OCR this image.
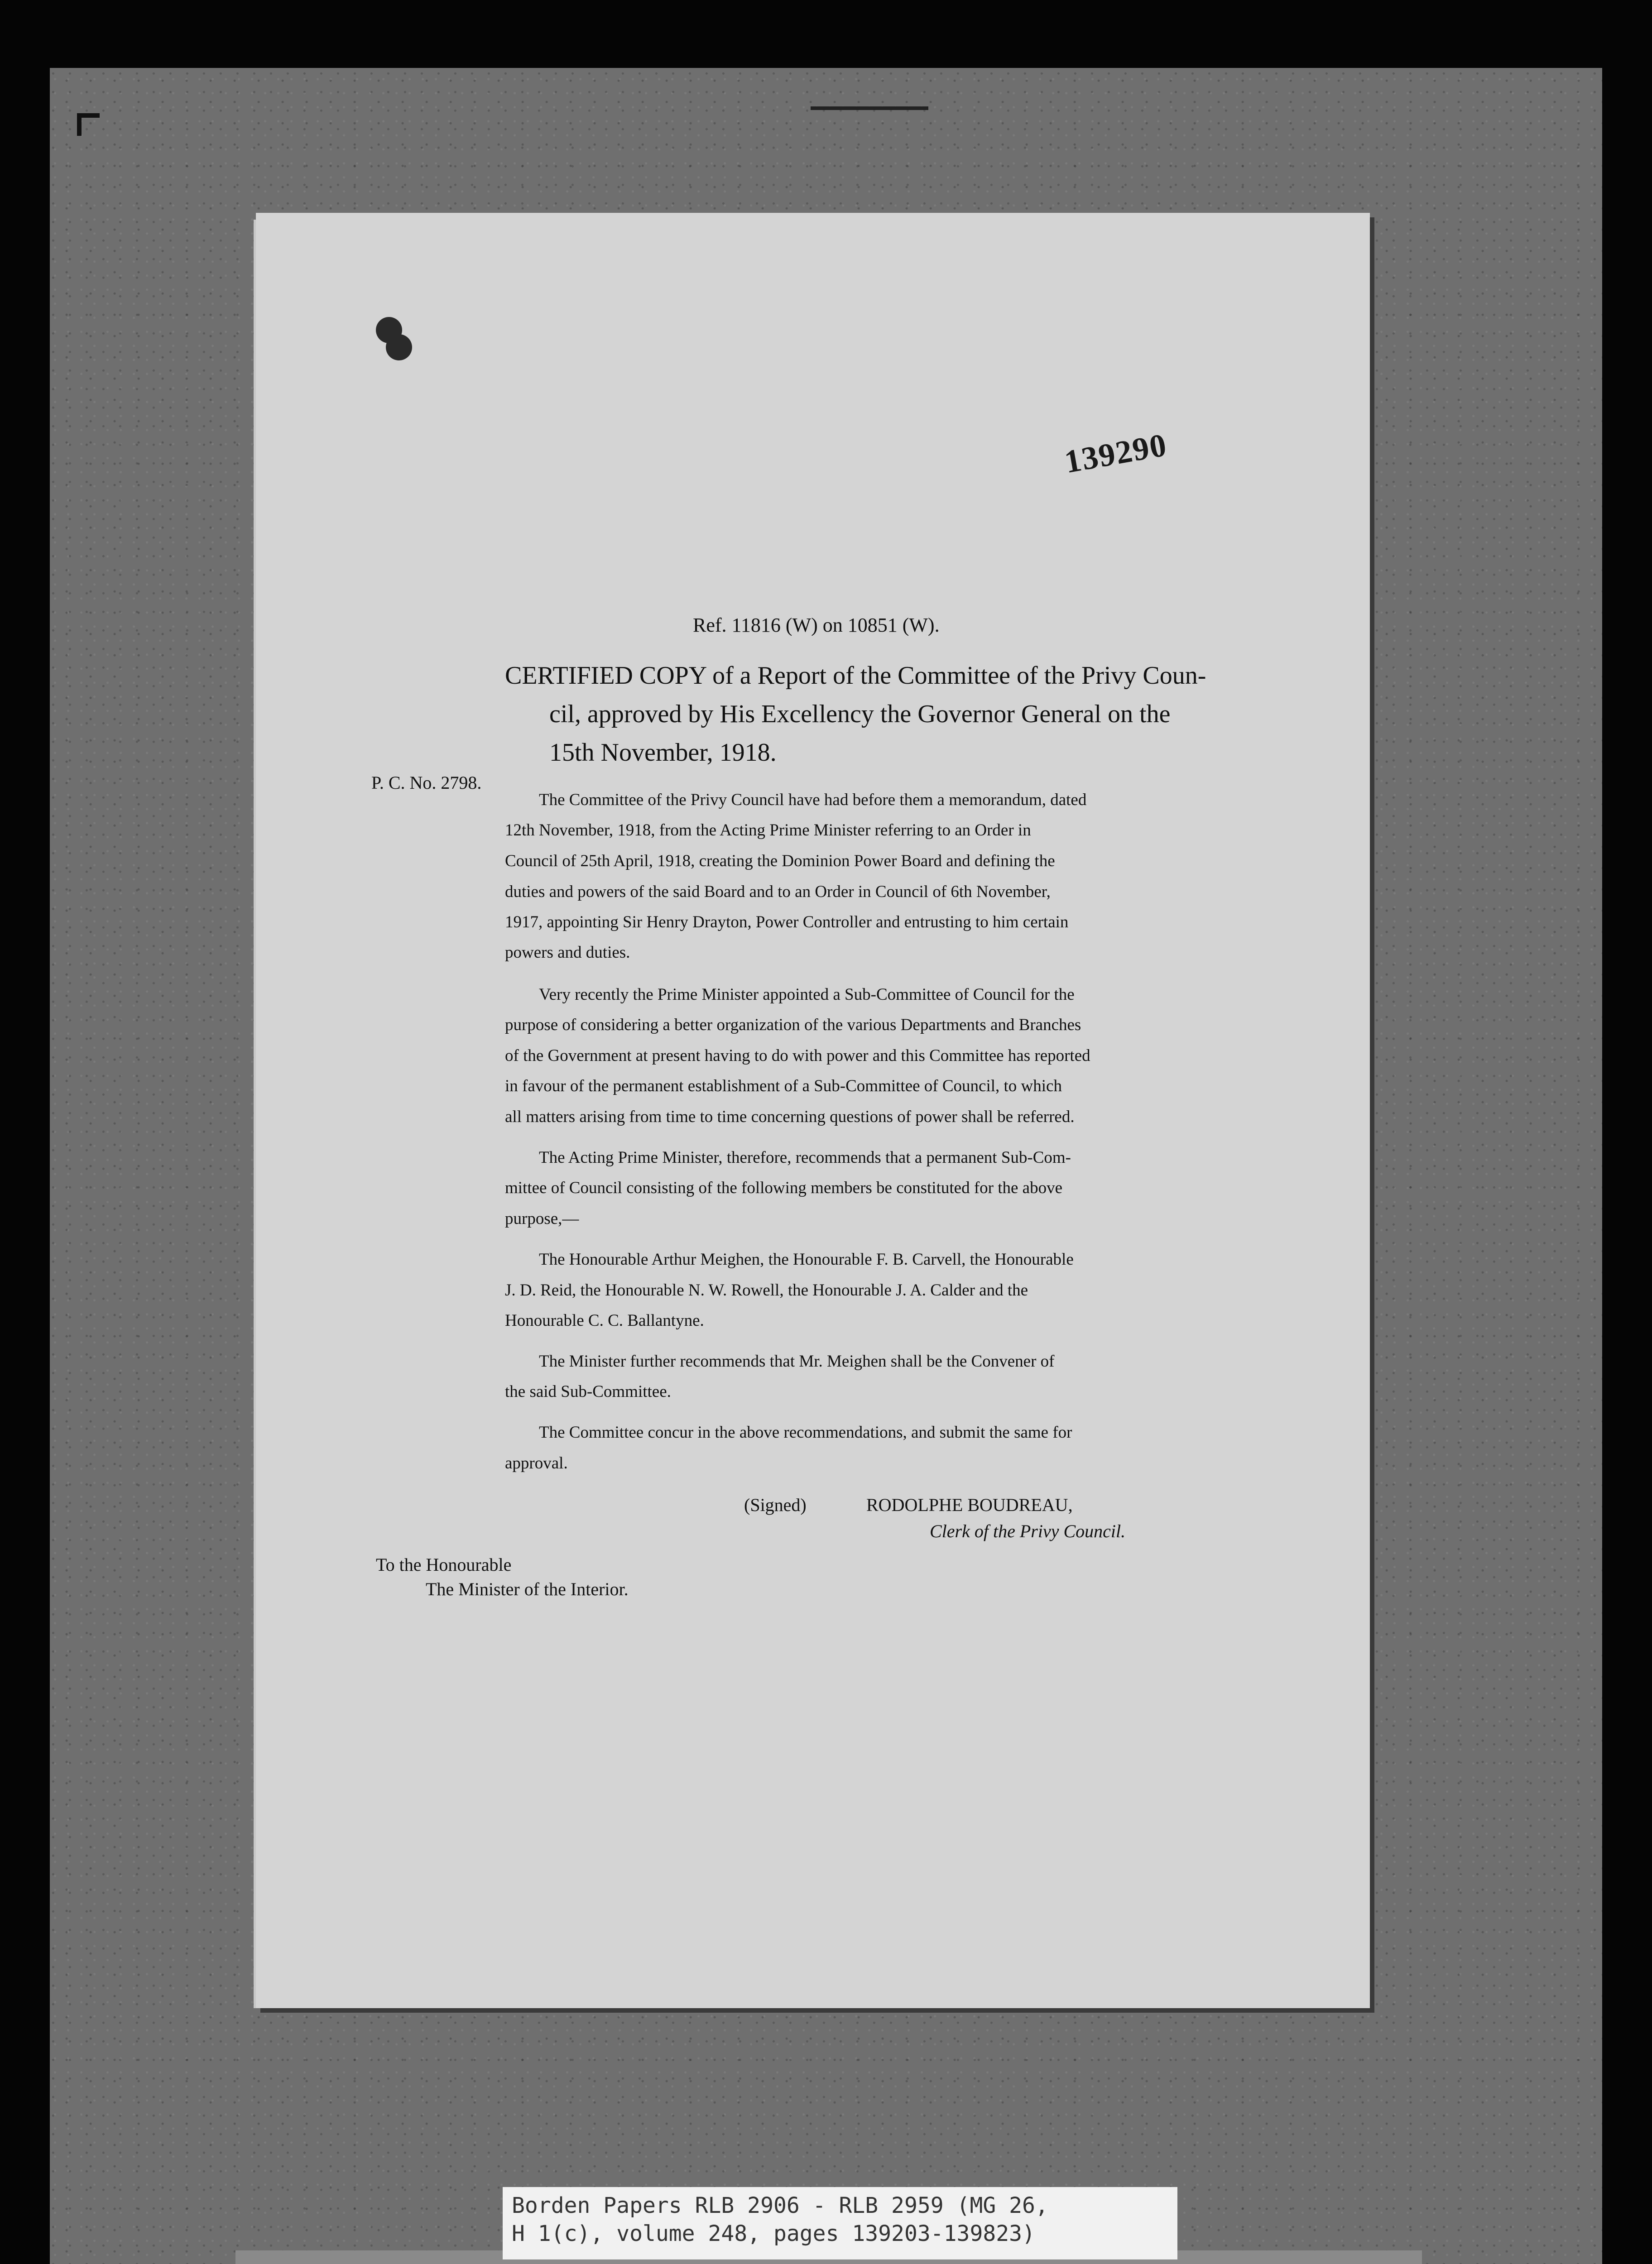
139290
Ref. 11816 (W) on 10851 (W).
CERTIFIED COPY of a Report of the Committee of the Privy Coun-
cil, approved by His Excellency the Governor General on the
15th November, 1918.
P. C. No. 2798.
The Committee of the Privy Council have had before them a memorandum, dated
12th November, 1918, from the Acting Prime Minister referring to an Order in
Council of 25th April, 1918, creating the Dominion Power Board and defining the
duties and powers of the said Board and to an Order in Council of 6th November,
1917, appointing Sir Henry Drayton, Power Controller and entrusting to him certain
powers and duties.
Very recently the Prime Minister appointed a Sub-Committee of Council for the
purpose of considering a better organization of the various Departments and Branches
of the Government at present having to do with power and this Committee has reported
in favour of the permanent establishment of a Sub-Committee of Council, to which
all matters arising from time to time concerning questions of power shall be referred.
The Acting Prime Minister, therefore, recommends that a permanent Sub-Com-
mittee of Council consisting of the following members be constituted for the above
purpose,—
The Honourable Arthur Meighen, the Honourable F. B. Carvell, the Honourable
J. D. Reid, the Honourable N. W. Rowell, the Honourable J. A. Calder and the
Honourable C. C. Ballantyne.
The Minister further recommends that Mr. Meighen shall be the Convener of
the said Sub-Committee.
The Committee concur in the above recommendations, and submit the same for
approval.
(Signed)	RODOLPHE BOUDREAU,
Clerk of the Privy Council.
To the Honourable
The Minister of the Interior.
Borden Papers RLB 2906 - RLB 2959 (MG 26,
H 1(c), volume 248, pages 139203-139823)
